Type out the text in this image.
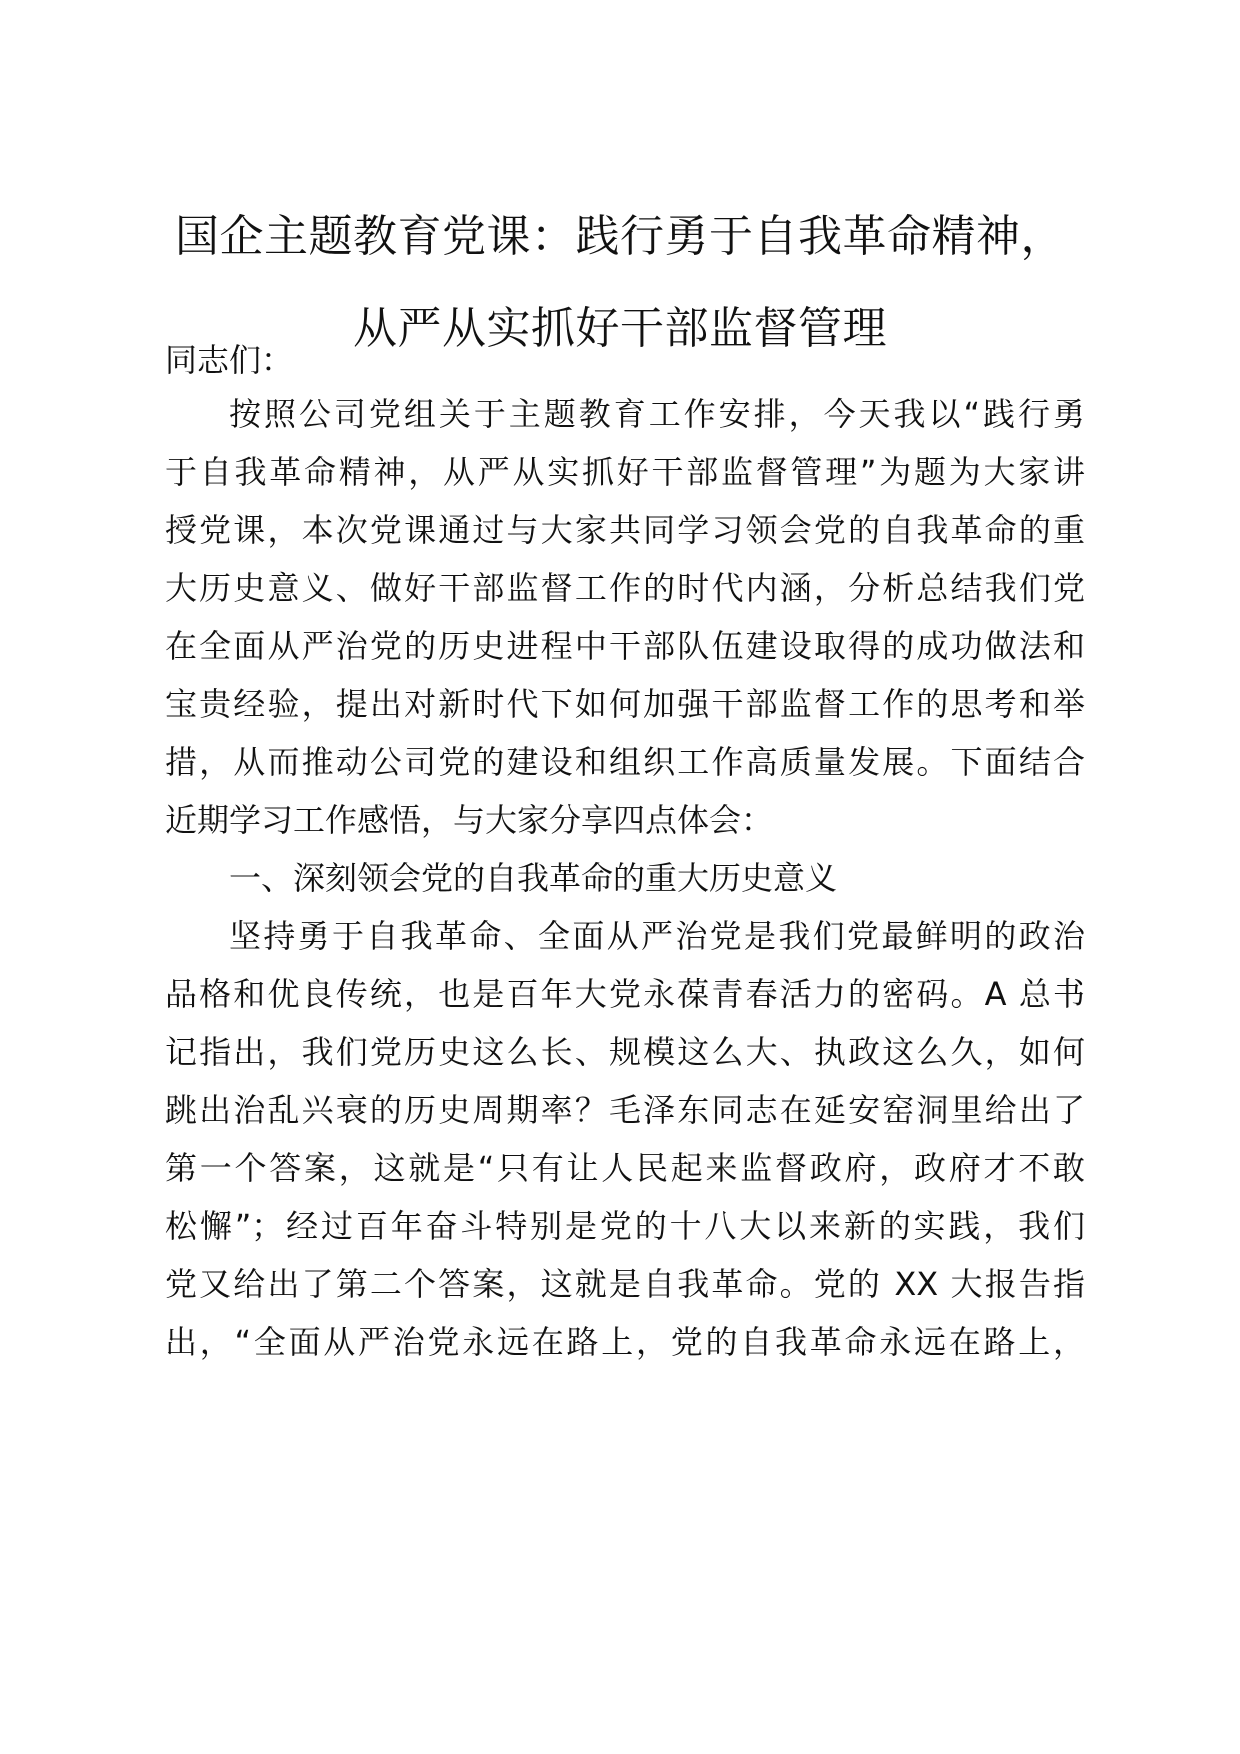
国企主题教育党课：践行勇于自我革命精神，
从严从实抓好干部监督管理
同志们：
按照公司党组关于主题教育工作安排，今天我以“践行勇
于自我革命精神，从严从实抓好干部监督管理”为题为大家讲
授党课，本次党课通过与大家共同学习领会党的自我革命的重
大历史意义、做好干部监督工作的时代内涵，分析总结我们党
在全面从严治党的历史进程中干部队伍建设取得的成功做法和
宝贵经验，提出对新时代下如何加强干部监督工作的思考和举
措，从而推动公司党的建设和组织工作高质量发展。下面结合
近期学习工作感悟，与大家分享四点体会：
一、深刻领会党的自我革命的重大历史意义
坚持勇于自我革命、全面从严治党是我们党最鲜明的政治
品格和优良传统，也是百年大党永葆青春活力的密码。A 总书
记指出，我们党历史这么长、规模这么大、执政这么久，如何
跳出治乱兴衰的历史周期率？毛泽东同志在延安窑洞里给出了
第一个答案，这就是“只有让人民起来监督政府，政府才不敢
松懈”；经过百年奋斗特别是党的十八大以来新的实践，我们
党又给出了第二个答案，这就是自我革命。党的 XX 大报告指
出，“全面从严治党永远在路上，党的自我革命永远在路上，
